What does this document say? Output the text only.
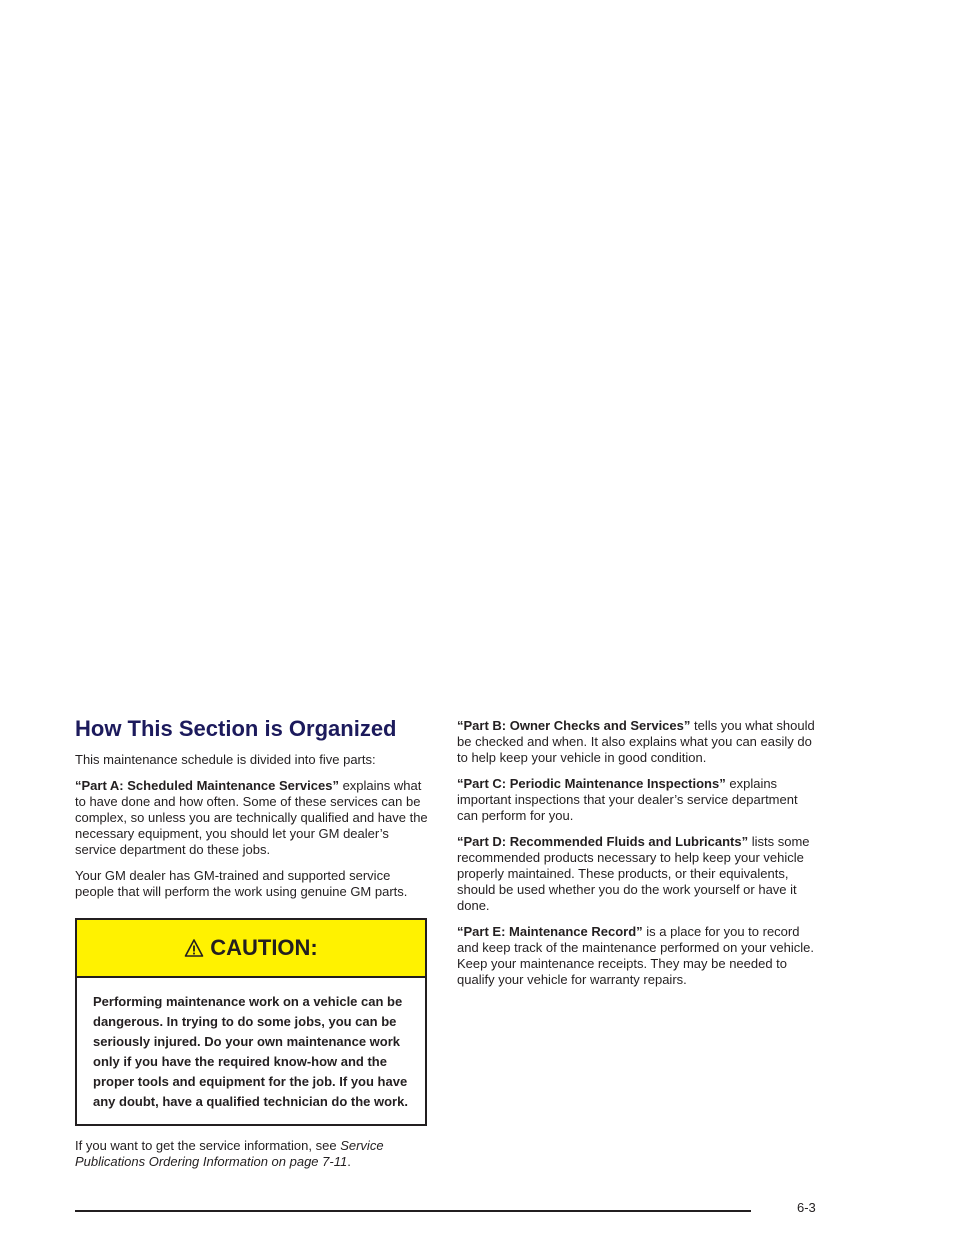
How This Section is Organized

This maintenance schedule is divided into five parts:

“Part A: Scheduled Maintenance Services” explains what to have done and how often. Some of these services can be complex, so unless you are technically qualified and have the necessary equipment, you should let your GM dealer’s service department do these jobs.

Your GM dealer has GM-trained and supported service people that will perform the work using genuine GM parts.

CAUTION:
Performing maintenance work on a vehicle can be dangerous. In trying to do some jobs, you can be seriously injured. Do your own maintenance work only if you have the required know-how and the proper tools and equipment for the job. If you have any doubt, have a qualified technician do the work.

If you want to get the service information, see Service Publications Ordering Information on page 7-11.

“Part B: Owner Checks and Services” tells you what should be checked and when. It also explains what you can easily do to help keep your vehicle in good condition.

“Part C: Periodic Maintenance Inspections” explains important inspections that your dealer’s service department can perform for you.

“Part D: Recommended Fluids and Lubricants” lists some recommended products necessary to help keep your vehicle properly maintained. These products, or their equivalents, should be used whether you do the work yourself or have it done.

“Part E: Maintenance Record” is a place for you to record and keep track of the maintenance performed on your vehicle. Keep your maintenance receipts. They may be needed to qualify your vehicle for warranty repairs.

6-3
